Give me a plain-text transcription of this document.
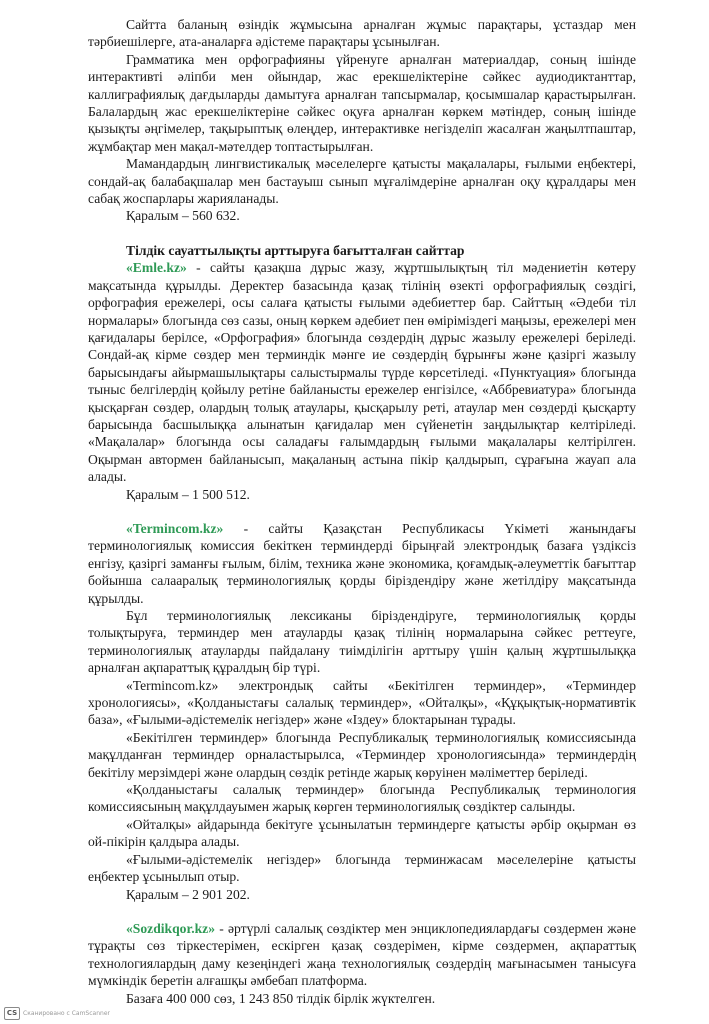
Сайтта баланың өзіндік жұмысына арналған жұмыс парақтары, ұстаздар мен тәрбиешілерге, ата-аналарға әдістеме парақтары ұсынылған.

Грамматика мен орфографияны үйренуге арналған материалдар, соның ішінде интерактивті әліпби мен ойындар, жас ерекшеліктеріне сәйкес аудиодиктанттар, каллиграфиялық дағдыларды дамытуға арналған тапсырмалар, қосымшалар қарастырылған. Балалардың жас ерекшеліктеріне сәйкес оқуға арналған көркем мәтіндер, соның ішінде қызықты әңгімелер, тақырыптық өлеңдер, интерактивке негізделіп жасалған жаңылтпаштар, жұмбақтар мен мақал-мәтелдер топтастырылған.

Мамандардың лингвистикалық мәселелерге қатысты мақалалары, ғылыми еңбектері, сондай-ақ балабақшалар мен бастауыш сынып мұғалімдеріне арналған оқу құралдары мен сабақ жоспарлары жарияланады.

Қаралым – 560 632.

Тілдік сауаттылықты арттыруға бағытталған сайттар

«Emle.kz» - сайты қазақша дұрыс жазу, жұртшылықтың тіл мәдениетін көтеру мақсатында құрылды. Деректер базасында қазақ тілінің өзекті орфографиялық сөздігі, орфография ережелері, осы салаға қатысты ғылыми әдебиеттер бар. Сайттың «Әдеби тіл нормалары» блогында сөз сазы, оның көркем әдебиет пен өміріміздегі маңызы, ережелері мен қағидалары берілсе, «Орфография» блогында сөздердің дұрыс жазылу ережелері беріледі. Сондай-ақ кірме сөздер мен терминдік мәнге ие сөздердің бұрынғы және қазіргі жазылу барысындағы айырмашылықтары салыстырмалы түрде көрсетіледі. «Пунктуация» блогында тыныс белгілердің қойылу ретіне байланысты ережелер енгізілсе, «Аббревиатура» блогында қысқарған сөздер, олардың толық атаулары, қысқарылу реті, атаулар мен сөздерді қысқарту барысында басшылыққа алынатын қағидалар мен сүйенетін заңдылықтар келтіріледі. «Мақалалар» блогында осы саладағы ғалымдардың ғылыми мақалалары келтірілген. Оқырман автормен байланысып, мақаланың астына пікір қалдырып, сұрағына жауап ала алады.

Қаралым – 1 500 512.

«Termincom.kz» - сайты Қазақстан Республикасы Үкіметі жанындағы терминологиялық комиссия бекіткен терминдерді бірыңғай электрондық базаға үздіксіз енгізу, қазіргі заманғы ғылым, білім, техника және экономика, қоғамдық-әлеуметтік бағыттар бойынша салааралық терминологиялық қорды біріздендіру және жетілдіру мақсатында құрылды.

Бұл терминологиялық лексиканы біріздендіруге, терминологиялық қорды толықтыруға, терминдер мен атауларды қазақ тілінің нормаларына сәйкес реттеуге, терминологиялық атауларды пайдалану тиімділігін арттыру үшін қалың жұртшылыққа арналған ақпараттық құралдың бір түрі.

«Termincom.kz» электрондық сайты «Бекітілген терминдер», «Терминдер хронологиясы», «Қолданыстағы салалық терминдер», «Ойталқы», «Құқықтық-нормативтік база», «Ғылыми-әдістемелік негіздер» және «Іздеу» блоктарынан тұрады.

«Бекітілген терминдер» блогында Республикалық терминологиялық комиссиясында мақұлданған терминдер орналастырылса, «Терминдер хронологиясында» терминдердің бекітілу мерзімдері және олардың сөздік ретінде жарық көруінен мәліметтер беріледі.

«Қолданыстағы салалық терминдер» блогында Республикалық терминология комиссиясының мақұлдауымен жарық көрген терминологиялық сөздіктер салынды.

«Ойталқы» айдарында бекітуге ұсынылатын терминдерге қатысты әрбір оқырман өз ой-пікірін қалдыра алады.

«Ғылыми-әдістемелік негіздер» блогында терминжасам мәселелеріне қатысты еңбектер ұсынылып отыр.

Қаралым – 2 901 202.

«Sozdikqor.kz» - әртүрлі салалық сөздіктер мен энциклопедиялардағы сөздермен және тұрақты сөз тіркестерімен, ескірген қазақ сөздерімен, кірме сөздермен, ақпараттық технологиялардың даму кезеңіндегі жаңа технологиялық сөздердің мағынасымен танысуға мүмкіндік беретін алғашқы әмбебап платформа.

Базаға 400 000 сөз, 1 243 850 тілдік бірлік жүктелген.

CS Сканировано с CamScanner
